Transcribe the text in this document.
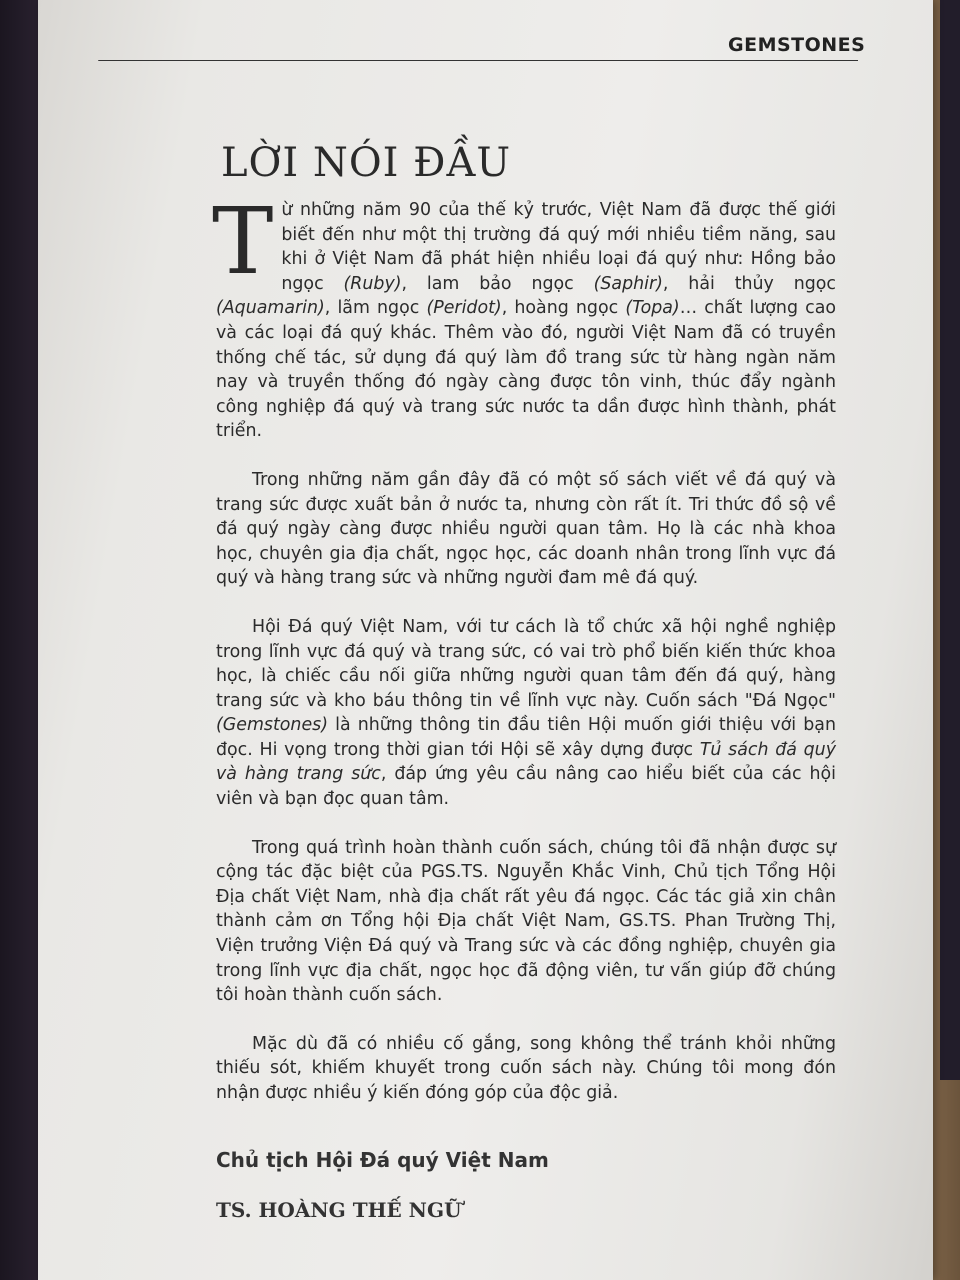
GEMSTONES
LỜI NÓI ĐẦU

Từ những năm 90 của thế kỷ trước, Việt Nam đã được thế giới biết đến như một thị trường đá quý mới nhiều tiềm năng, sau khi ở Việt Nam đã phát hiện nhiều loại đá quý như: Hồng bảo ngọc (Ruby), lam bảo ngọc (Saphir), hải thủy ngọc (Aquamarin), lãm ngọc (Peridot), hoàng ngọc (Topa)… chất lượng cao và các loại đá quý khác. Thêm vào đó, người Việt Nam đã có truyền thống chế tác, sử dụng đá quý làm đồ trang sức từ hàng ngàn năm nay và truyền thống đó ngày càng được tôn vinh, thúc đẩy ngành công nghiệp đá quý và trang sức nước ta dần được hình thành, phát triển.

Trong những năm gần đây đã có một số sách viết về đá quý và trang sức được xuất bản ở nước ta, nhưng còn rất ít. Tri thức đồ sộ về đá quý ngày càng được nhiều người quan tâm. Họ là các nhà khoa học, chuyên gia địa chất, ngọc học, các doanh nhân trong lĩnh vực đá quý và hàng trang sức và những người đam mê đá quý.

Hội Đá quý Việt Nam, với tư cách là tổ chức xã hội nghề nghiệp trong lĩnh vực đá quý và trang sức, có vai trò phổ biến kiến thức khoa học, là chiếc cầu nối giữa những người quan tâm đến đá quý, hàng trang sức và kho báu thông tin về lĩnh vực này. Cuốn sách "Đá Ngọc" (Gemstones) là những thông tin đầu tiên Hội muốn giới thiệu với bạn đọc. Hi vọng trong thời gian tới Hội sẽ xây dựng được Tủ sách đá quý và hàng trang sức, đáp ứng yêu cầu nâng cao hiểu biết của các hội viên và bạn đọc quan tâm.

Trong quá trình hoàn thành cuốn sách, chúng tôi đã nhận được sự cộng tác đặc biệt của PGS.TS. Nguyễn Khắc Vinh, Chủ tịch Tổng Hội Địa chất Việt Nam, nhà địa chất rất yêu đá ngọc. Các tác giả xin chân thành cảm ơn Tổng hội Địa chất Việt Nam, GS.TS. Phan Trường Thị, Viện trưởng Viện Đá quý và Trang sức và các đồng nghiệp, chuyên gia trong lĩnh vực địa chất, ngọc học đã động viên, tư vấn giúp đỡ chúng tôi hoàn thành cuốn sách.

Mặc dù đã có nhiều cố gắng, song không thể tránh khỏi những thiếu sót, khiếm khuyết trong cuốn sách này. Chúng tôi mong đón nhận được nhiều ý kiến đóng góp của độc giả.

Chủ tịch Hội Đá quý Việt Nam
TS. HOÀNG THẾ NGỮ
